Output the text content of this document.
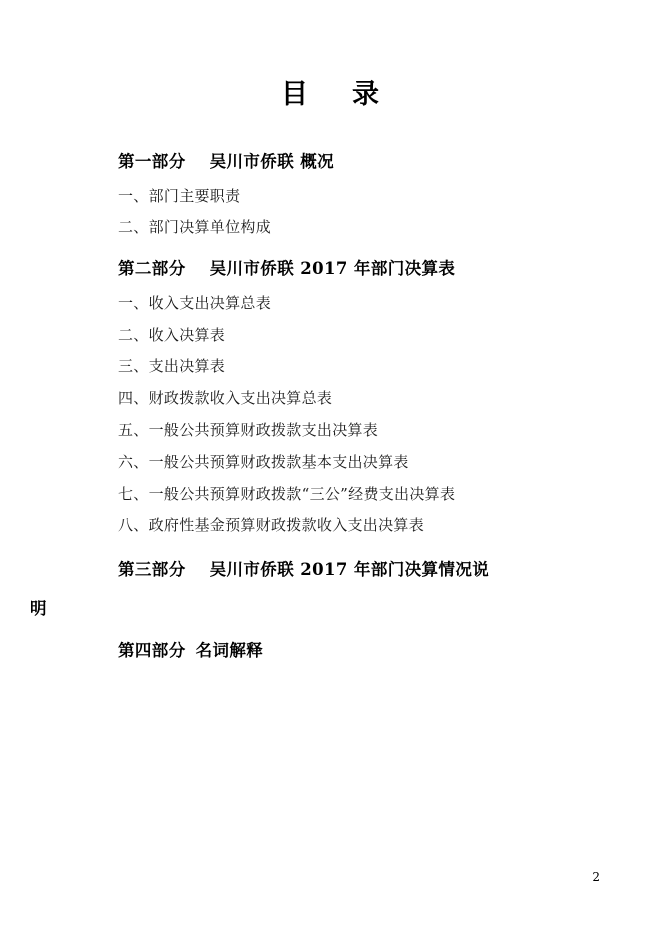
目 录
第一部分 吴川市侨联 概况
一、部门主要职责
二、部门决算单位构成
第二部分 吴川市侨联 2017 年部门决算表
一、收入支出决算总表
二、收入决算表
三、支出决算表
四、财政拨款收入支出决算总表
五、一般公共预算财政拨款支出决算表
六、一般公共预算财政拨款基本支出决算表
七、一般公共预算财政拨款“三公”经费支出决算表
八、政府性基金预算财政拨款收入支出决算表
第三部分 吴川市侨联 2017 年部门决算情况说
明
第四部分 名词解释
2
